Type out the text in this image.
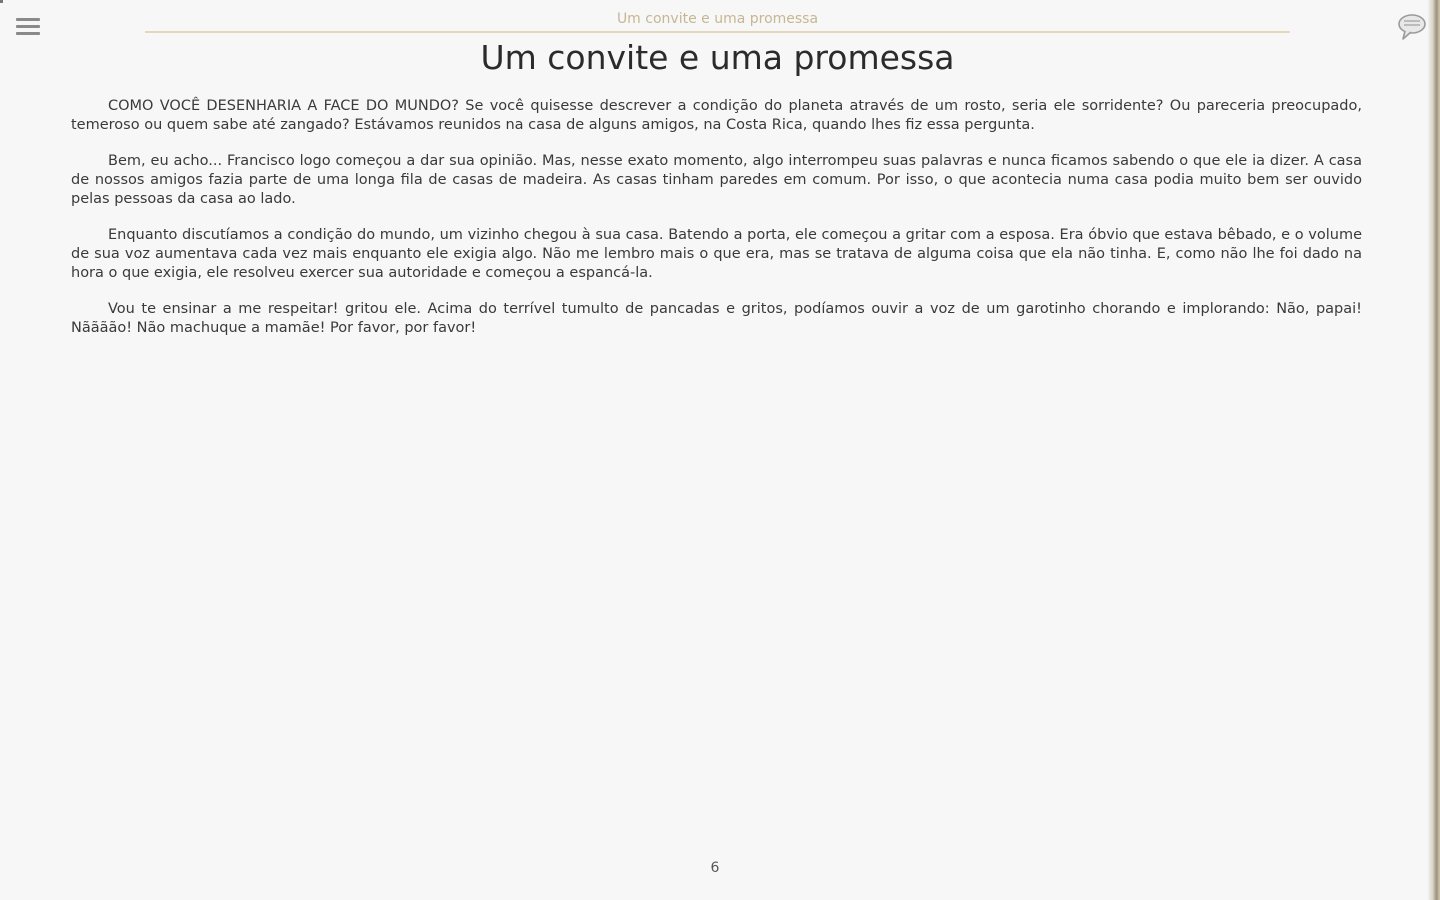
Um convite e uma promessa
Um convite e uma promessa

COMO VOCÊ DESENHARIA A FACE DO MUNDO? Se você quisesse descrever a condição do planeta através de um rosto, seria ele sorridente? Ou pareceria preocupado, temeroso ou quem sabe até zangado? Estávamos reunidos na casa de alguns amigos, na Costa Rica, quando lhes fiz essa pergunta.

Bem, eu acho... Francisco logo começou a dar sua opinião. Mas, nesse exato momento, algo interrompeu suas palavras e nunca ficamos sabendo o que ele ia dizer. A casa de nossos amigos fazia parte de uma longa fila de casas de madeira. As casas tinham paredes em comum. Por isso, o que acontecia numa casa podia muito bem ser ouvido pelas pessoas da casa ao lado.

Enquanto discutíamos a condição do mundo, um vizinho chegou à sua casa. Batendo a porta, ele começou a gritar com a esposa. Era óbvio que estava bêbado, e o volume de sua voz aumentava cada vez mais enquanto ele exigia algo. Não me lembro mais o que era, mas se tratava de alguma coisa que ela não tinha. E, como não lhe foi dado na hora o que exigia, ele resolveu exercer sua autoridade e começou a espancá-la.

Vou te ensinar a me respeitar! gritou ele. Acima do terrível tumulto de pancadas e gritos, podíamos ouvir a voz de um garotinho chorando e implorando: Não, papai! Nãããão! Não machuque a mamãe! Por favor, por favor!

6
